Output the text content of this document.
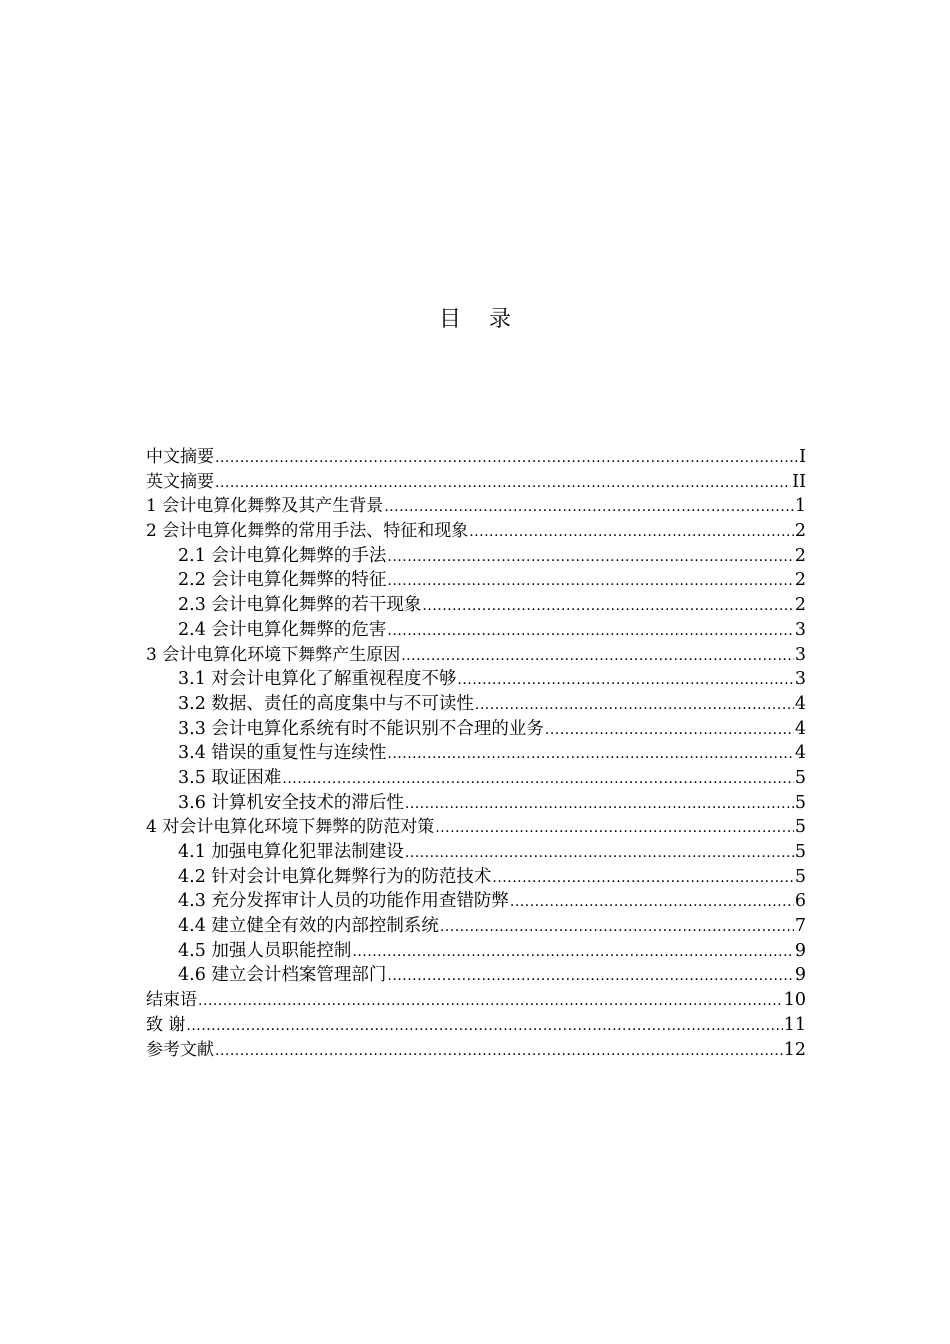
目录
中文摘要 .....	I
英文摘要 .....	II
1 会计电算化舞弊及其产生背景 .....	1
2 会计电算化舞弊的常用手法、特征和现象 .....	2
2.1 会计电算化舞弊的手法 .....	2
2.2 会计电算化舞弊的特征 .....	2
2.3 会计电算化舞弊的若干现象 .....	2
2.4 会计电算化舞弊的危害 .....	3
3 会计电算化环境下舞弊产生原因 .....	3
3.1 对会计电算化了解重视程度不够 .....	3
3.2 数据、责任的高度集中与不可读性 .....	4
3.3 会计电算化系统有时不能识别不合理的业务 .....	4
3.4 错误的重复性与连续性 .....	4
3.5 取证困难 .....	5
3.6 计算机安全技术的滞后性 .....	5
4 对会计电算化环境下舞弊的防范对策 .....	5
4.1 加强电算化犯罪法制建设 .....	5
4.2 针对会计电算化舞弊行为的防范技术 .....	5
4.3 充分发挥审计人员的功能作用查错防弊 .....	6
4.4 建立健全有效的内部控制系统 .....	7
4.5 加强人员职能控制 .....	9
4.6 建立会计档案管理部门 .....	9
结束语 .....	10
致 谢 .....	11
参考文献 .....	12
